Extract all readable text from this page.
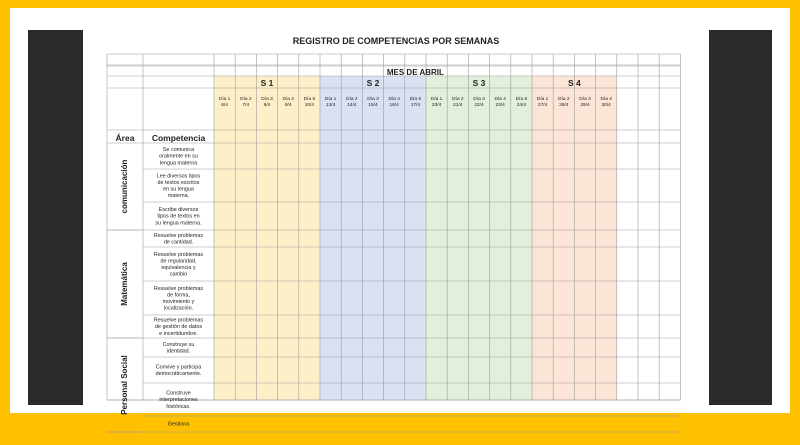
REGISTRO DE COMPETENCIAS POR SEMANAS
MES DE ABRIL
S 1
Día 1
6/4
Día 2
7/4
Día 3
8/4
Día 4
9/4
Día 5
10/4
S 2
Día 1
13/4
Día 2
14/4
Día 3
15/4
Día 4
16/4
Día 5
17/4
S 3
Día 1
20/4
Día 2
21/4
Día 3
22/4
Día 4
23/4
Día 5
24/4
S 4
Día 1
27/4
Día 2
28/4
Día 3
29/4
Día 4
30/4
Área Competencia
Se comunica
oralmente en su
lengua materna
Lee diversos tipos
de textos escritos
en su lengua
materna.
Escribe diversos
tipos de textos en
su lengua materna.
comunicación
Resuelve problemas
de cantidad.
Resuelve problemas
de regularidad,
equivalencia y
cambio
Resuelve problemas
de forma,
movimiento y
localización.
Resuelve problemas
de gestión de datos
e incertidumbre.
Matemática
Construye su
identidad.
Convive y participa
democráticamente.
Construye
interpretaciones
históricas.
Gestiona
Personal Social
